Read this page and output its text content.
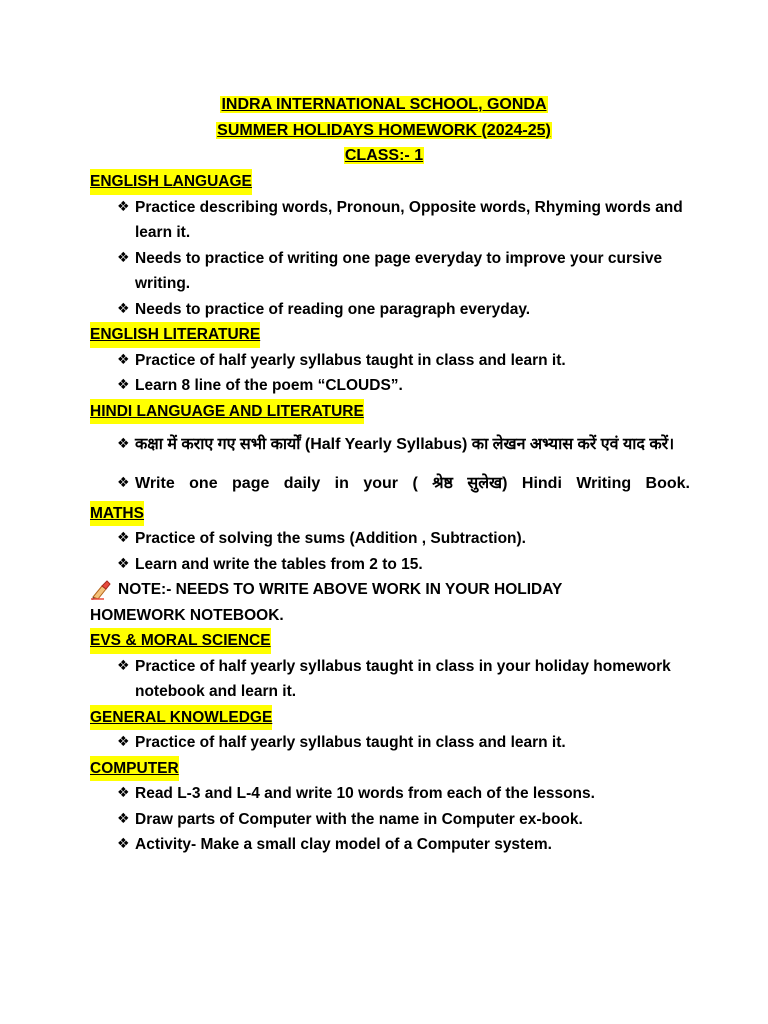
INDRA INTERNATIONAL SCHOOL, GONDA
SUMMER HOLIDAYS HOMEWORK (2024-25)
CLASS:- 1
ENGLISH LANGUAGE
❖ Practice describing words, Pronoun, Opposite words, Rhyming words and learn it.
❖ Needs to practice of writing one page everyday to improve your cursive writing.
❖ Needs to practice of reading one paragraph everyday.
ENGLISH LITERATURE
❖ Practice of half yearly syllabus taught in class and learn it.
❖ Learn 8 line of the poem “CLOUDS”.
HINDI LANGUAGE AND LITERATURE
❖ कक्षा में कराए गए सभी कार्यों (Half Yearly Syllabus) का लेखन अभ्यास करें एवं याद करें।
❖ Write one page daily in your ( श्रेष्ठ सुलेख) Hindi Writing Book.
MATHS
❖ Practice of solving the sums (Addition , Subtraction).
❖ Learn and write the tables from 2 to 15.
NOTE:- NEEDS TO WRITE ABOVE WORK IN YOUR HOLIDAY
HOMEWORK NOTEBOOK.
EVS & MORAL SCIENCE
❖ Practice of half yearly syllabus taught in class in your holiday homework notebook and learn it.
GENERAL KNOWLEDGE
❖ Practice of half yearly syllabus taught in class and learn it.
COMPUTER
❖ Read L-3 and L-4 and write 10 words from each of the lessons.
❖ Draw parts of Computer with the name in Computer ex-book.
❖ Activity- Make a small clay model of a Computer system.
